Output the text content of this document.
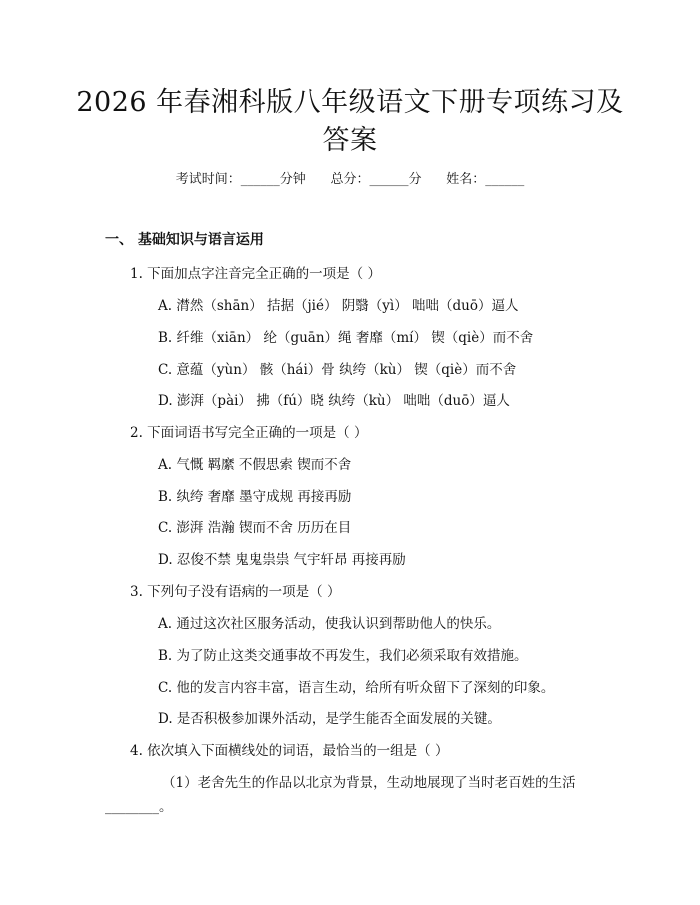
2026 年春湘科版八年级语文下册专项练习及
答案
考试时间：______分钟      总分：______分      姓名：______
一、 基础知识与语言运用
1. 下面加点字注音完全正确的一项是（ ）
A. 潸然（shān） 拮据（jié） 阴翳（yì） 咄咄（duō）逼人
B. 纤维（xiān） 纶（guān）绳 奢靡（mí） 锲（qiè）而不舍
C. 意蕴（yùn） 骸（hái）骨 纨绔（kù） 锲（qiè）而不舍
D. 澎湃（pài） 拂（fú）晓 纨绔（kù） 咄咄（duō）逼人
2. 下面词语书写完全正确的一项是（ ）
A. 气慨 羁縻 不假思索 锲而不舍
B. 纨绔 奢靡 墨守成规 再接再励
C. 澎湃 浩瀚 锲而不舍 历历在目
D. 忍俊不禁 鬼鬼祟祟 气宇轩昂 再接再励
3. 下列句子没有语病的一项是（ ）
A. 通过这次社区服务活动，使我认识到帮助他人的快乐。
B. 为了防止这类交通事故不再发生，我们必须采取有效措施。
C. 他的发言内容丰富，语言生动，给所有听众留下了深刻的印象。
D. 是否积极参加课外活动，是学生能否全面发展的关键。
4. 依次填入下面横线处的词语，最恰当的一组是（ ）
（1）老舍先生的作品以北京为背景，生动地展现了当时老百姓的生活
________。
